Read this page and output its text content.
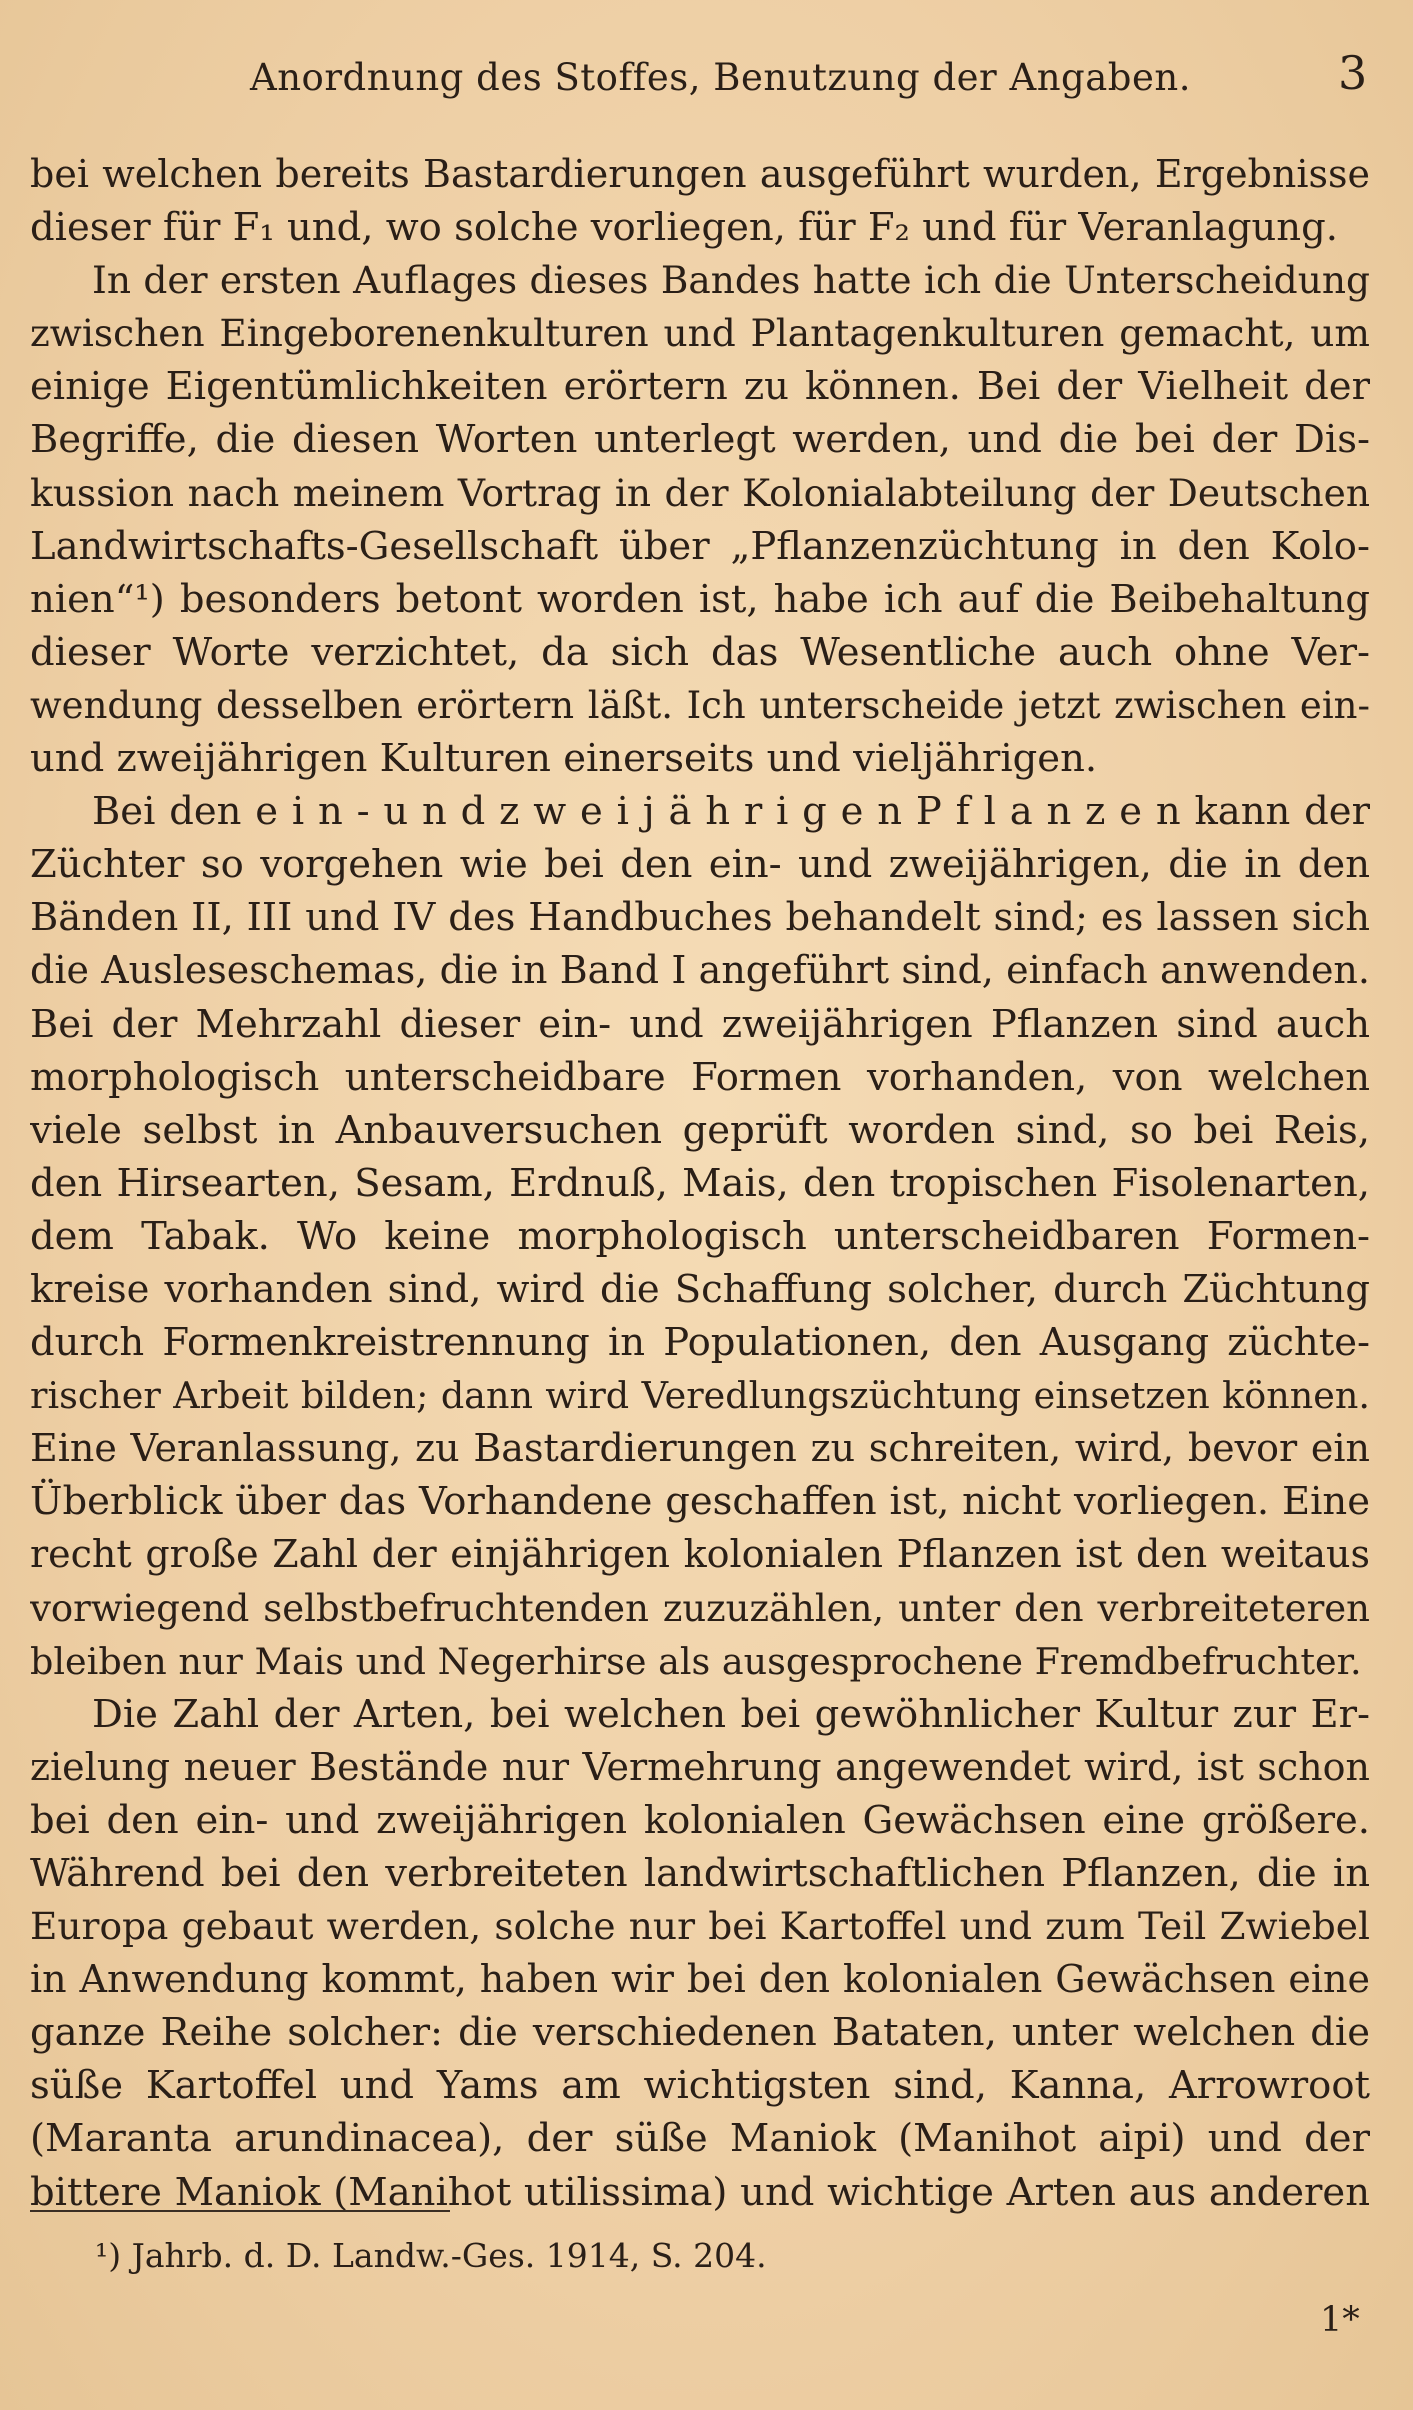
Anordnung des Stoffes, Benutzung der Angaben.	3
bei welchen bereits Bastardierungen ausgeführt wurden, Ergebnisse
dieser für F₁ und, wo solche vorliegen, für F₂ und für Veranlagung.
In der ersten Auflages dieses Bandes hatte ich die Unterscheidung
zwischen Eingeborenenkulturen und Plantagenkulturen gemacht, um
einige Eigentümlichkeiten erörtern zu können. Bei der Vielheit der
Begriffe, die diesen Worten unterlegt werden, und die bei der Dis-
kussion nach meinem Vortrag in der Kolonialabteilung der Deutschen
Landwirtschafts-Gesellschaft über „Pflanzenzüchtung in den Kolo-
nien“¹) besonders betont worden ist, habe ich auf die Beibehaltung
dieser Worte verzichtet, da sich das Wesentliche auch ohne Ver-
wendung desselben erörtern läßt. Ich unterscheide jetzt zwischen ein-
und zweijährigen Kulturen einerseits und vieljährigen.
Bei den e i n - u n d z w e i j ä h r i g e n P f l a n z e n kann der
Züchter so vorgehen wie bei den ein- und zweijährigen, die in den
Bänden II, III und IV des Handbuches behandelt sind; es lassen sich
die Ausleseschemas, die in Band I angeführt sind, einfach anwenden.
Bei der Mehrzahl dieser ein- und zweijährigen Pflanzen sind auch
morphologisch unterscheidbare Formen vorhanden, von welchen
viele selbst in Anbauversuchen geprüft worden sind, so bei Reis,
den Hirsearten, Sesam, Erdnuß, Mais, den tropischen Fisolenarten,
dem Tabak. Wo keine morphologisch unterscheidbaren Formen-
kreise vorhanden sind, wird die Schaffung solcher, durch Züchtung
durch Formenkreistrennung in Populationen, den Ausgang züchte-
rischer Arbeit bilden; dann wird Veredlungszüchtung einsetzen können.
Eine Veranlassung, zu Bastardierungen zu schreiten, wird, bevor ein
Überblick über das Vorhandene geschaffen ist, nicht vorliegen. Eine
recht große Zahl der einjährigen kolonialen Pflanzen ist den weitaus
vorwiegend selbstbefruchtenden zuzuzählen, unter den verbreiteteren
bleiben nur Mais und Negerhirse als ausgesprochene Fremdbefruchter.
Die Zahl der Arten, bei welchen bei gewöhnlicher Kultur zur Er-
zielung neuer Bestände nur Vermehrung angewendet wird, ist schon
bei den ein- und zweijährigen kolonialen Gewächsen eine größere.
Während bei den verbreiteten landwirtschaftlichen Pflanzen, die in
Europa gebaut werden, solche nur bei Kartoffel und zum Teil Zwiebel
in Anwendung kommt, haben wir bei den kolonialen Gewächsen eine
ganze Reihe solcher: die verschiedenen Bataten, unter welchen die
süße Kartoffel und Yams am wichtigsten sind, Kanna, Arrowroot
(Maranta arundinacea), der süße Maniok (Manihot aipi) und der
bittere Maniok (Manihot utilissima) und wichtige Arten aus anderen
¹) Jahrb. d. D. Landw.-Ges. 1914, S. 204.
1*
